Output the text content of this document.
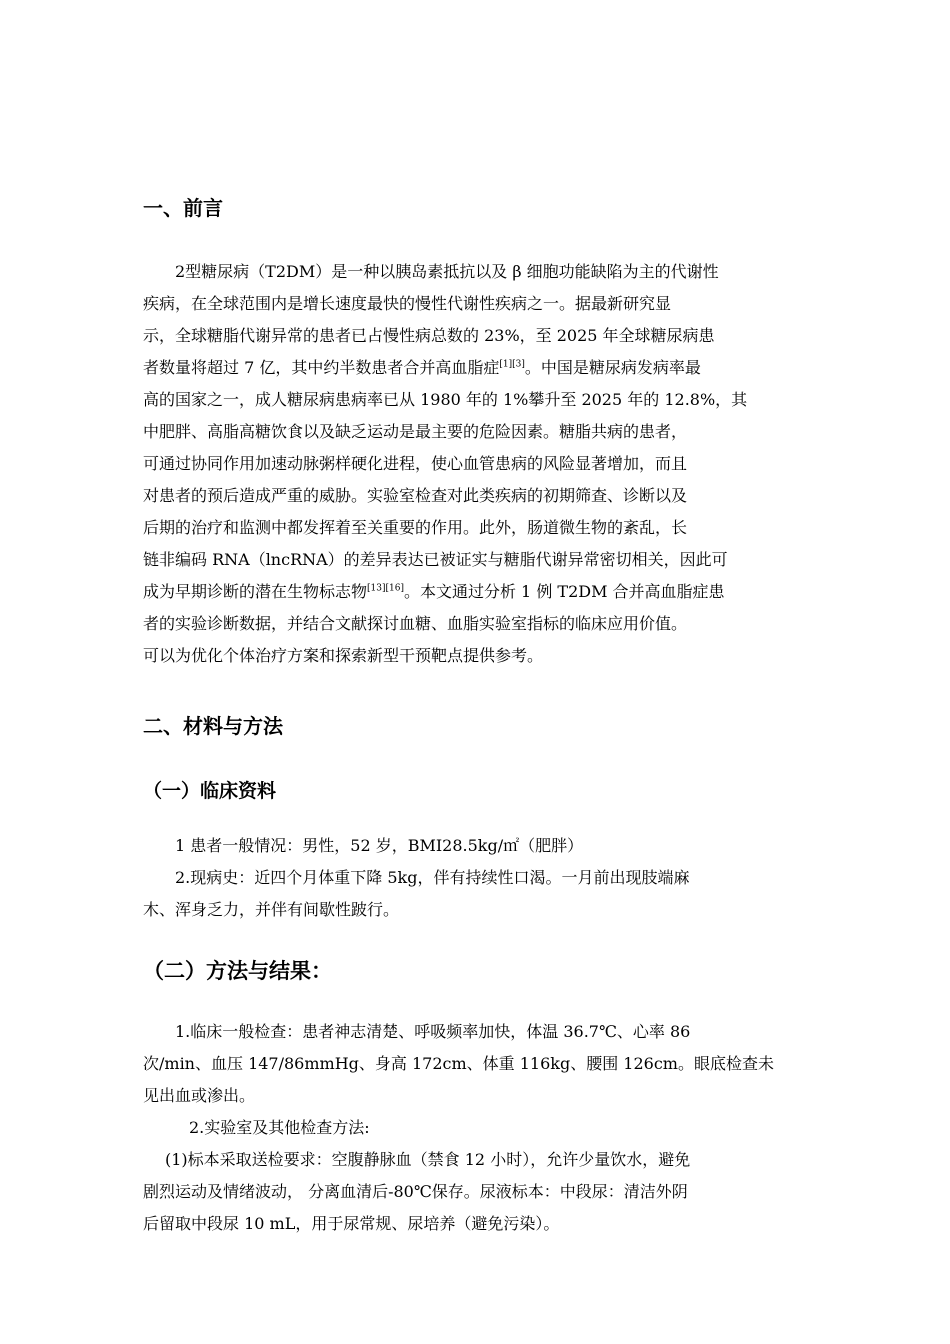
一、前言
2型糖尿病（T2DM）是一种以胰岛素抵抗以及 β 细胞功能缺陷为主的代谢性
疾病，在全球范围内是增长速度最快的慢性代谢性疾病之一。据最新研究显
示，全球糖脂代谢异常的患者已占慢性病总数的 23%，至 2025 年全球糖尿病患
者数量将超过 7 亿，其中约半数患者合并高血脂症[1][3]。中国是糖尿病发病率最
高的国家之一，成人糖尿病患病率已从 1980 年的 1%攀升至 2025 年的 12.8%，其
中肥胖、高脂高糖饮食以及缺乏运动是最主要的危险因素。糖脂共病的患者，
可通过协同作用加速动脉粥样硬化进程，使心血管患病的风险显著增加，而且
对患者的预后造成严重的威胁。实验室检查对此类疾病的初期筛查、诊断以及
后期的治疗和监测中都发挥着至关重要的作用。此外，肠道微生物的紊乱，长
链非编码 RNA（lncRNA）的差异表达已被证实与糖脂代谢异常密切相关，因此可
成为早期诊断的潜在生物标志物[13][16]。本文通过分析 1 例 T2DM 合并高血脂症患
者的实验诊断数据，并结合文献探讨血糖、血脂实验室指标的临床应用价值。
可以为优化个体治疗方案和探索新型干预靶点提供参考。
二、材料与方法
（一）临床资料
1 患者一般情况：男性，52 岁，BMI28.5kg/㎡（肥胖）
2.现病史：近四个月体重下降 5kg，伴有持续性口渴。一月前出现肢端麻
木、浑身乏力，并伴有间歇性跛行。
（二）方法与结果：
1.临床一般检查：患者神志清楚、呼吸频率加快，体温 36.7℃、心率 86
次/min、血压 147/86mmHg、身高 172cm、体重 116kg、腰围 126cm。眼底检查未
见出血或渗出。
2.实验室及其他检查方法:
(1)标本采取送检要求：空腹静脉血（禁食 12 小时），允许少量饮水，避免
剧烈运动及情绪波动， 分离血清后-80℃保存。尿液标本：中段尿：清洁外阴
后留取中段尿 10 mL，用于尿常规、尿培养（避免污染）。
